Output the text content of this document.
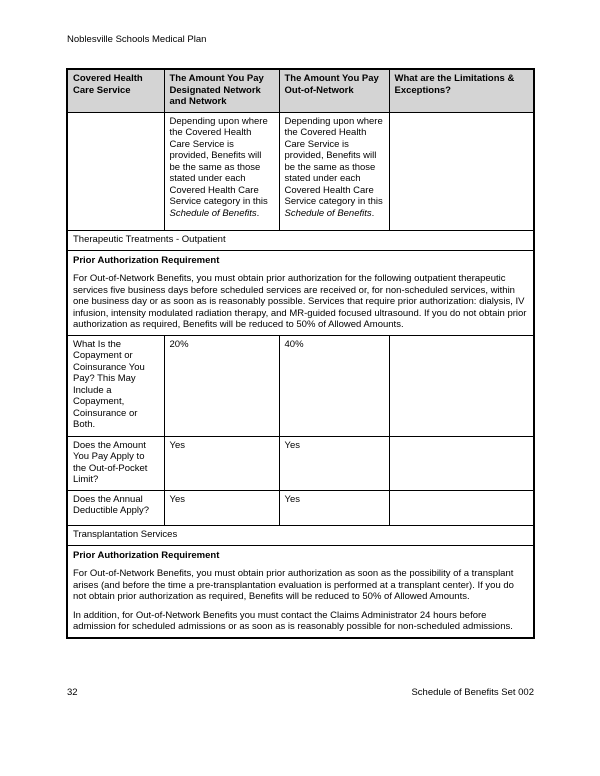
Noblesville Schools Medical Plan
Covered Health Care Service	The Amount You Pay Designated Network and Network	The Amount You Pay Out-of-Network	What are the Limitations & Exceptions?
	Depending upon where the Covered Health Care Service is provided, Benefits will be the same as those stated under each Covered Health Care Service category in this Schedule of Benefits.	Depending upon where the Covered Health Care Service is provided, Benefits will be the same as those stated under each Covered Health Care Service category in this Schedule of Benefits.	
Therapeutic Treatments - Outpatient			

Prior Authorization Requirement

For Out-of-Network Benefits, you must obtain prior authorization for the following outpatient therapeutic services five business days before scheduled services are received or, for non-scheduled services, within one business day or as soon as is reasonably possible. Services that require prior authorization: dialysis, IV infusion, intensity modulated radiation therapy, and MR-guided focused ultrasound. If you do not obtain prior authorization as required, Benefits will be reduced to 50% of Allowed Amounts.			

What Is the Copayment or Coinsurance You Pay? This May Include a Copayment, Coinsurance or Both.	20%	40%	
Does the Amount You Pay Apply to the Out-of-Pocket Limit?	Yes	Yes	
Does the Annual Deductible Apply?	Yes	Yes	
Transplantation Services			

Prior Authorization Requirement

For Out-of-Network Benefits, you must obtain prior authorization as soon as the possibility of a transplant arises (and before the time a pre-transplantation evaluation is performed at a transplant center). If you do not obtain prior authorization as required, Benefits will be reduced to 50% of Allowed Amounts.

In addition, for Out-of-Network Benefits you must contact the Claims Administrator 24 hours before admission for scheduled admissions or as soon as is reasonably possible for non-scheduled admissions.			

32	Schedule of Benefits Set 002
